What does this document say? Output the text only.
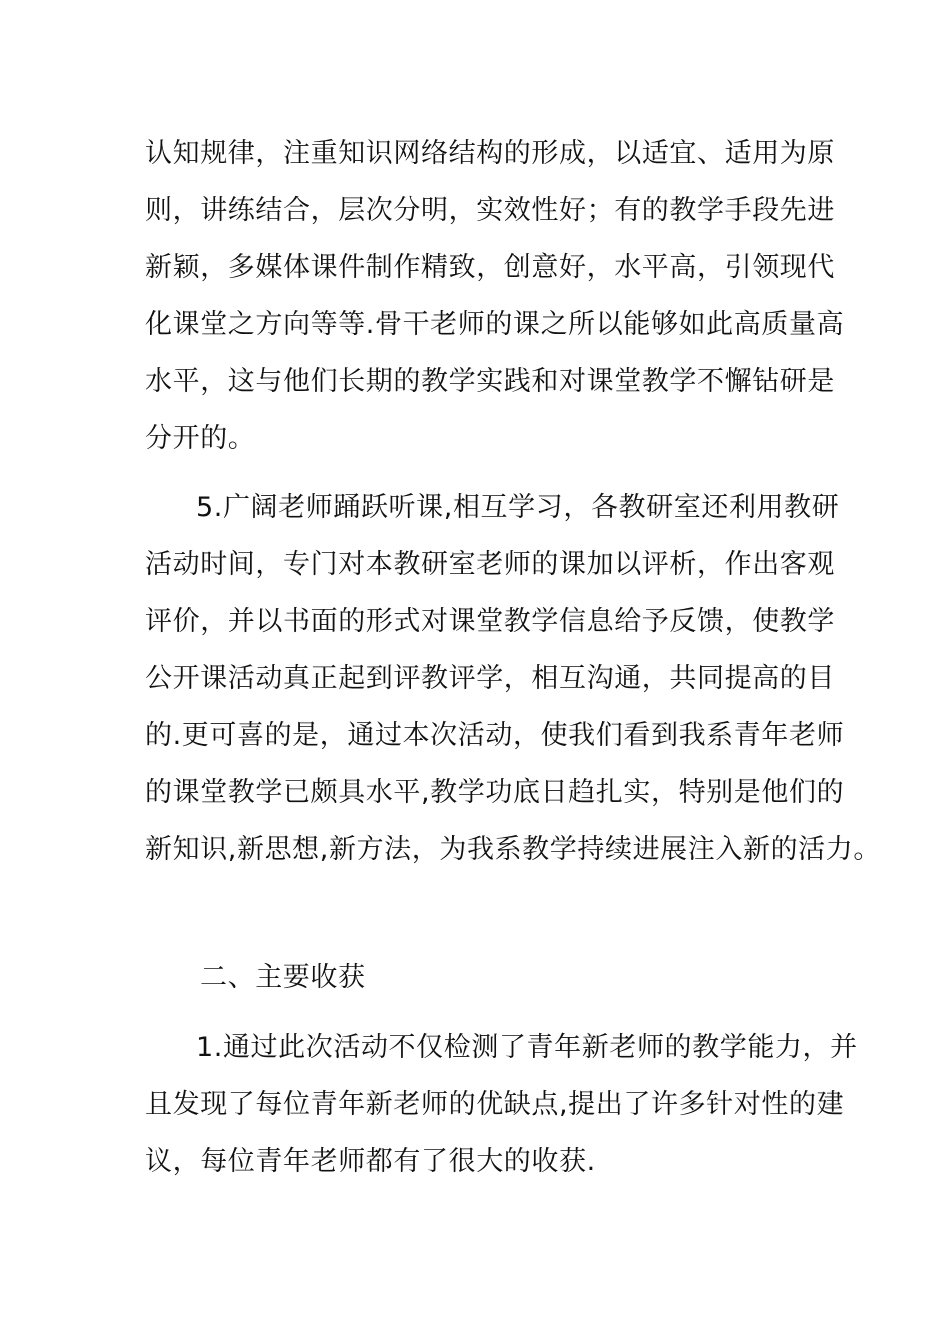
认知规律，注重知识网络结构的形成，以适宜、适用为原
则，讲练结合，层次分明，实效性好；有的教学手段先进
新颖，多媒体课件制作精致，创意好，水平高，引领现代
化课堂之方向等等.骨干老师的课之所以能够如此高质量高
水平，这与他们长期的教学实践和对课堂教学不懈钻研是
分开的。
5.广阔老师踊跃听课,相互学习，各教研室还利用教研
活动时间，专门对本教研室老师的课加以评析，作出客观
评价，并以书面的形式对课堂教学信息给予反馈，使教学
公开课活动真正起到评教评学，相互沟通，共同提高的目
的.更可喜的是，通过本次活动，使我们看到我系青年老师
的课堂教学已颇具水平,教学功底日趋扎实，特别是他们的
新知识,新思想,新方法，为我系教学持续进展注入新的活力。
二、主要收获
1.通过此次活动不仅检测了青年新老师的教学能力，并
且发现了每位青年新老师的优缺点,提出了许多针对性的建
议，每位青年老师都有了很大的收获.
